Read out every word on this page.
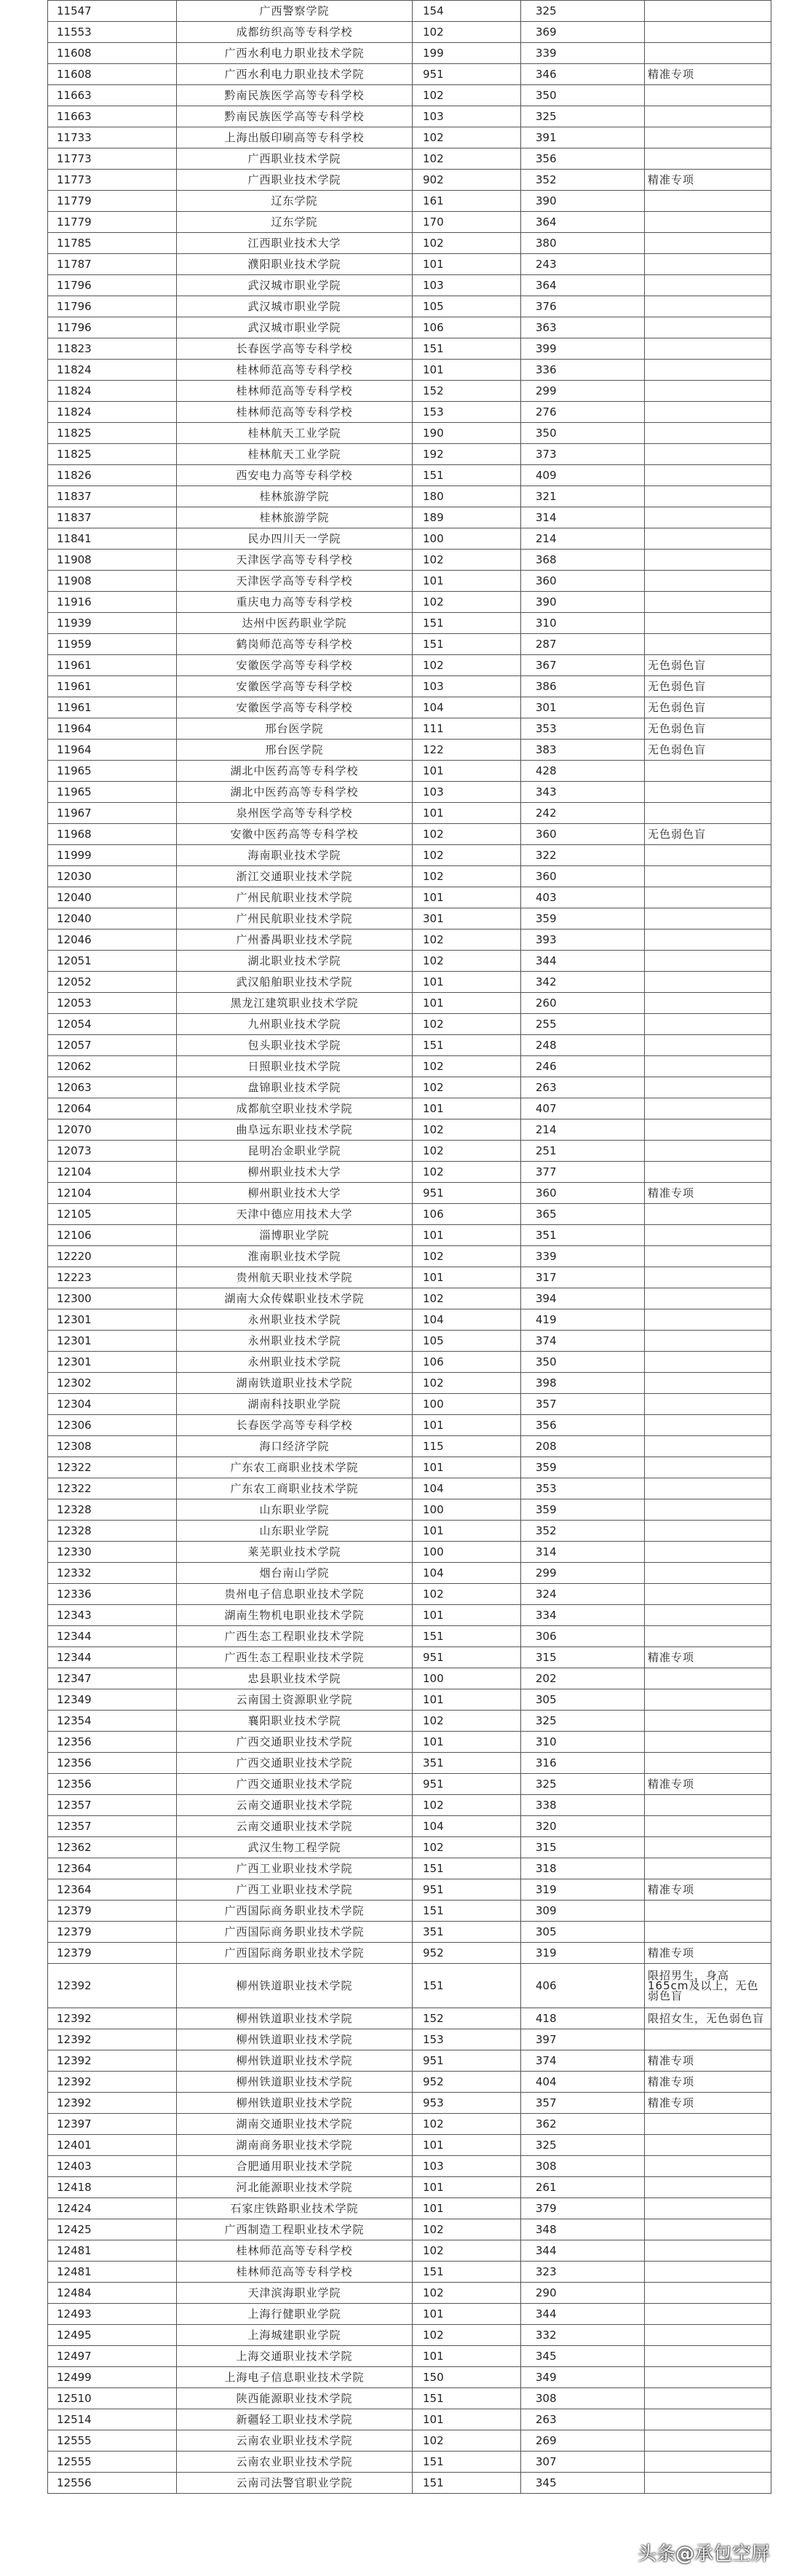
11547	广西警察学院	154	325	
11553	成都纺织高等专科学校	102	369	
11608	广西水利电力职业技术学院	199	339	
11608	广西水利电力职业技术学院	951	346	精准专项
11663	黔南民族医学高等专科学校	102	350	
11663	黔南民族医学高等专科学校	103	325	
11733	上海出版印刷高等专科学校	102	391	
11773	广西职业技术学院	102	356	
11773	广西职业技术学院	902	352	精准专项
11779	辽东学院	161	390	
11779	辽东学院	170	364	
11785	江西职业技术大学	102	380	
11787	濮阳职业技术学院	101	243	
11796	武汉城市职业学院	103	364	
11796	武汉城市职业学院	105	376	
11796	武汉城市职业学院	106	363	
11823	长春医学高等专科学校	151	399	
11824	桂林师范高等专科学校	101	336	
11824	桂林师范高等专科学校	152	299	
11824	桂林师范高等专科学校	153	276	
11825	桂林航天工业学院	190	350	
11825	桂林航天工业学院	192	373	
11826	西安电力高等专科学校	151	409	
11837	桂林旅游学院	180	321	
11837	桂林旅游学院	189	314	
11841	民办四川天一学院	100	214	
11908	天津医学高等专科学校	102	368	
11908	天津医学高等专科学校	101	360	
11916	重庆电力高等专科学校	102	390	
11939	达州中医药职业学院	151	310	
11959	鹤岗师范高等专科学校	151	287	
11961	安徽医学高等专科学校	102	367	无色弱色盲
11961	安徽医学高等专科学校	103	386	无色弱色盲
11961	安徽医学高等专科学校	104	301	无色弱色盲
11964	邢台医学院	111	353	无色弱色盲
11964	邢台医学院	122	383	无色弱色盲
11965	湖北中医药高等专科学校	101	428	
11965	湖北中医药高等专科学校	103	343	
11967	泉州医学高等专科学校	101	242	
11968	安徽中医药高等专科学校	102	360	无色弱色盲
11999	海南职业技术学院	102	322	
12030	浙江交通职业技术学院	102	360	
12040	广州民航职业技术学院	101	403	
12040	广州民航职业技术学院	301	359	
12046	广州番禺职业技术学院	102	393	
12051	湖北职业技术学院	102	344	
12052	武汉船舶职业技术学院	101	342	
12053	黑龙江建筑职业技术学院	101	260	
12054	九州职业技术学院	102	255	
12057	包头职业技术学院	151	248	
12062	日照职业技术学院	102	246	
12063	盘锦职业技术学院	102	263	
12064	成都航空职业技术学院	101	407	
12070	曲阜远东职业技术学院	102	214	
12073	昆明冶金职业学院	102	251	
12104	柳州职业技术大学	102	377	
12104	柳州职业技术大学	951	360	精准专项
12105	天津中德应用技术大学	106	365	
12106	淄博职业学院	101	351	
12220	淮南职业技术学院	102	339	
12223	贵州航天职业技术学院	101	317	
12300	湖南大众传媒职业技术学院	102	394	
12301	永州职业技术学院	104	419	
12301	永州职业技术学院	105	374	
12301	永州职业技术学院	106	350	
12302	湖南铁道职业技术学院	102	398	
12304	湖南科技职业学院	100	357	
12306	长春医学高等专科学校	101	356	
12308	海口经济学院	115	208	
12322	广东农工商职业技术学院	101	359	
12322	广东农工商职业技术学院	104	353	
12328	山东职业学院	100	359	
12328	山东职业学院	101	352	
12330	莱芜职业技术学院	100	314	
12332	烟台南山学院	104	299	
12336	贵州电子信息职业技术学院	102	324	
12343	湖南生物机电职业技术学院	101	334	
12344	广西生态工程职业技术学院	151	306	
12344	广西生态工程职业技术学院	951	315	精准专项
12347	忠县职业技术学院	100	202	
12349	云南国土资源职业学院	101	305	
12354	襄阳职业技术学院	102	325	
12356	广西交通职业技术学院	101	310	
12356	广西交通职业技术学院	351	316	
12356	广西交通职业技术学院	951	325	精准专项
12357	云南交通职业技术学院	102	338	
12357	云南交通职业技术学院	104	320	
12362	武汉生物工程学院	102	315	
12364	广西工业职业技术学院	151	318	
12364	广西工业职业技术学院	951	319	精准专项
12379	广西国际商务职业技术学院	151	309	
12379	广西国际商务职业技术学院	351	305	
12379	广西国际商务职业技术学院	952	319	精准专项
12392	柳州铁道职业技术学院	151	406	限招男生，身高165cm及以上，无色弱色盲
12392	柳州铁道职业技术学院	152	418	限招女生，无色弱色盲
12392	柳州铁道职业技术学院	153	397	
12392	柳州铁道职业技术学院	951	374	精准专项
12392	柳州铁道职业技术学院	952	404	精准专项
12392	柳州铁道职业技术学院	953	357	精准专项
12397	湖南交通职业技术学院	102	362	
12401	湖南商务职业技术学院	101	325	
12403	合肥通用职业技术学院	103	308	
12418	河北能源职业技术学院	101	261	
12424	石家庄铁路职业技术学院	101	379	
12425	广西制造工程职业技术学院	102	348	
12481	桂林师范高等专科学校	102	344	
12481	桂林师范高等专科学校	151	323	
12484	天津滨海职业学院	102	290	
12493	上海行健职业学院	101	344	
12495	上海城建职业学院	102	332	
12497	上海交通职业技术学院	101	345	
12499	上海电子信息职业技术学院	150	349	
12510	陕西能源职业技术学院	151	308	
12514	新疆轻工职业技术学院	101	263	
12555	云南农业职业技术学院	102	269	
12555	云南农业职业技术学院	151	307	
12556	云南司法警官职业学院	151	345	
头条@承包空屏
